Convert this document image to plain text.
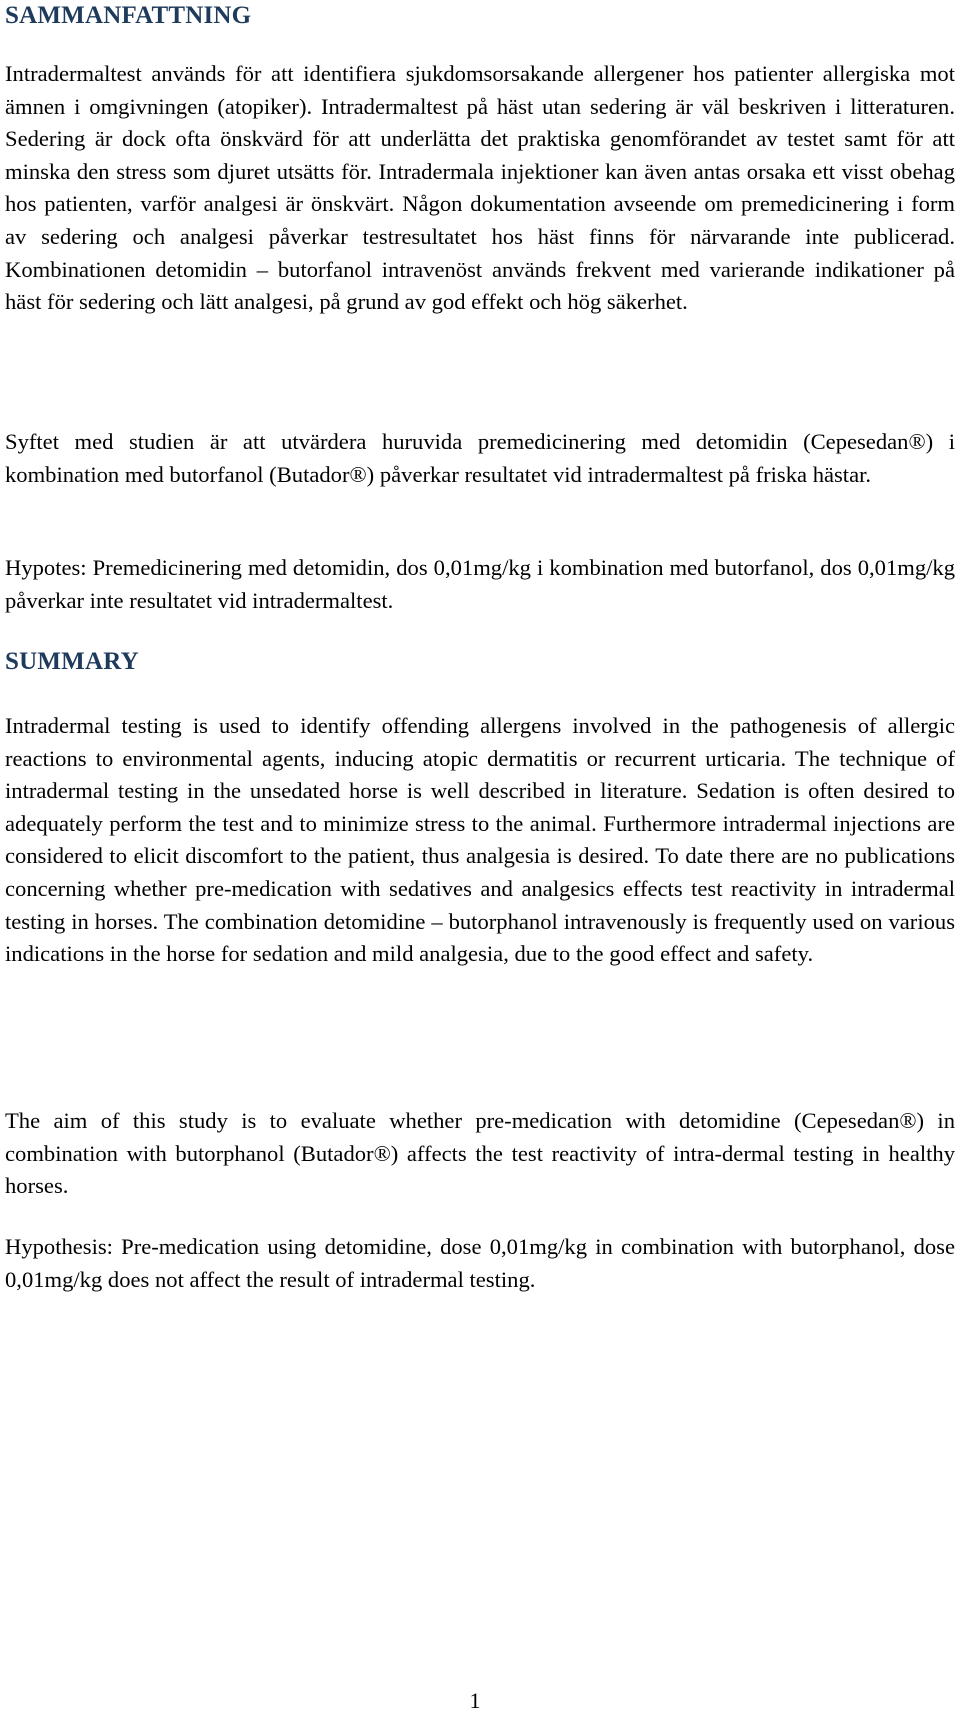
SAMMANFATTNING

Intradermaltest används för att identifiera sjukdomsorsakande allergener hos patienter allergiska mot ämnen i omgivningen (atopiker). Intradermaltest på häst utan sedering är väl beskriven i litteraturen. Sedering är dock ofta önskvärd för att underlätta det praktiska genomförandet av testet samt för att minska den stress som djuret utsätts för. Intradermala injektioner kan även antas orsaka ett visst obehag hos patienten, varför analgesi är önskvärt. Någon dokumentation avseende om premedicinering i form av sedering och analgesi påverkar testresultatet hos häst finns för närvarande inte publicerad. Kombinationen detomidin – butorfanol intravenöst används frekvent med varierande indikationer på häst för sedering och lätt analgesi, på grund av god effekt och hög säkerhet.

Syftet med studien är att utvärdera huruvida premedicinering med detomidin (Cepesedan®) i kombination med butorfanol (Butador®) påverkar resultatet vid intradermaltest på friska hästar.

Hypotes: Premedicinering med detomidin, dos 0,01mg/kg i kombination med butorfanol, dos 0,01mg/kg påverkar inte resultatet vid intradermaltest.

SUMMARY

Intradermal testing is used to identify offending allergens involved in the pathogenesis of allergic reactions to environmental agents, inducing atopic dermatitis or recurrent urticaria. The technique of intradermal testing in the unsedated horse is well described in literature. Sedation is often desired to adequately perform the test and to minimize stress to the animal. Furthermore intradermal injections are considered to elicit discomfort to the patient, thus analgesia is desired. To date there are no publications concerning whether pre-medication with sedatives and analgesics effects test reactivity in intradermal testing in horses. The combination detomidine – butorphanol intravenously is frequently used on various indications in the horse for sedation and mild analgesia, due to the good effect and safety.

The aim of this study is to evaluate whether pre-medication with detomidine (Cepesedan®) in combination with butorphanol (Butador®) affects the test reactivity of intra-dermal testing in healthy horses.

Hypothesis: Pre-medication using detomidine, dose 0,01mg/kg in combination with butorphanol, dose 0,01mg/kg does not affect the result of intradermal testing.

1
